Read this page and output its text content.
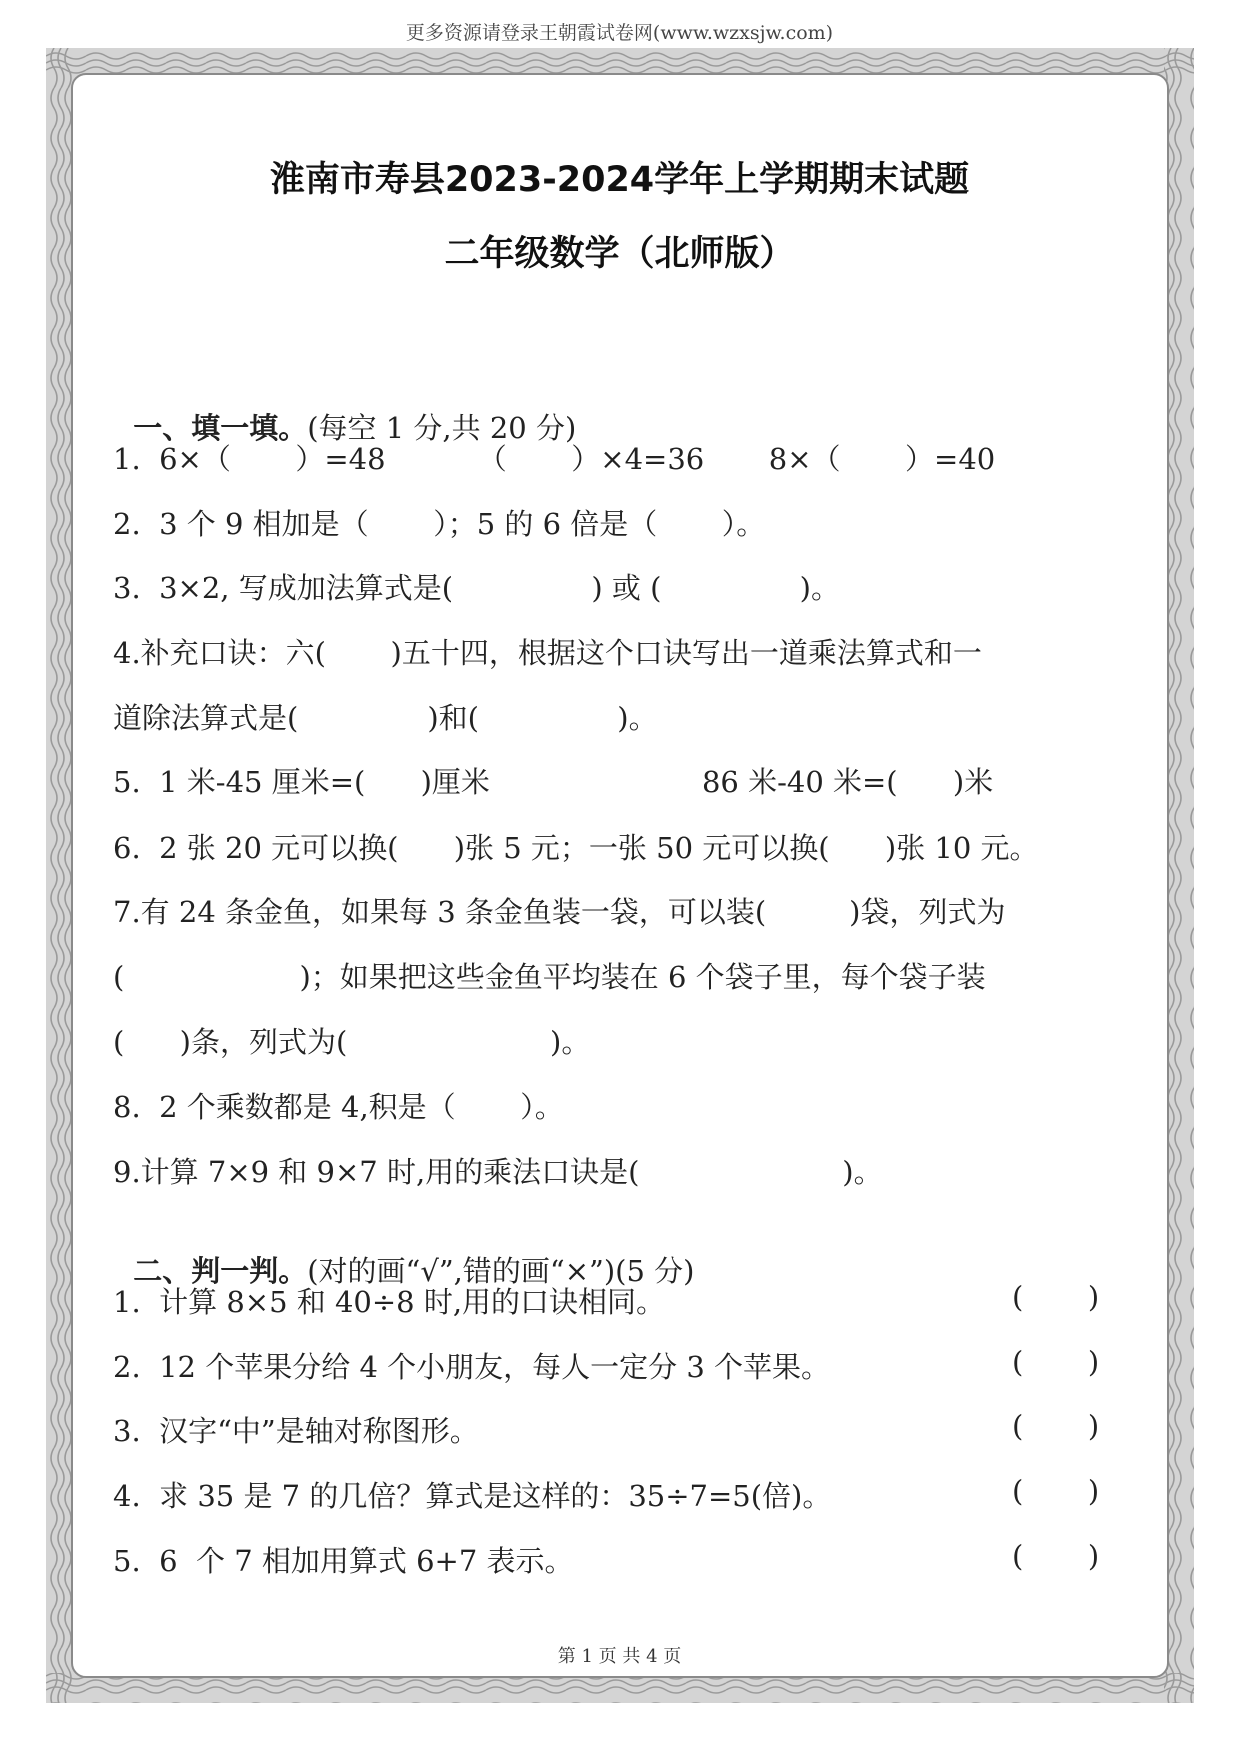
更多资源请登录王朝霞试卷网(www.wzxsjw.com)
淮南市寿县2023-2024学年上学期期末试题
二年级数学（北师版）

一、填一填。(每空 1 分,共 20 分)

1.  6×（       ）=48          （       ）×4=36       8×（       ）=40
2.  3 个 9 相加是（       ）；5 的 6 倍是（       ）。
3.  3×2, 写成加法算式是(               ) 或 (               )。
4.补充口诀：六(       )五十四，根据这个口诀写出一道乘法算式和一
道除法算式是(              )和(               )。
5.  1 米-45 厘米=(      )厘米                       86 米-40 米=(      )米
6.  2 张 20 元可以换(      )张 5 元；一张 50 元可以换(      )张 10 元。
7.有 24 条金鱼，如果每 3 条金鱼装一袋，可以装(         )袋，列式为
(                   )；如果把这些金鱼平均装在 6 个袋子里，每个袋子装
(      )条，列式为(                      )。
8.  2 个乘数都是 4,积是（       ）。
9.计算 7×9 和 9×7 时,用的乘法口诀是(                      )。

二、判一判。(对的画“√”,错的画“×”)(5 分)

1.  计算 8×5 和 40÷8 时,用的口诀相同。	(       )
2.  12 个苹果分给 4 个小朋友，每人一定分 3 个苹果。	(       )
3.  汉字“中”是轴对称图形。	(       )
4.  求 35 是 7 的几倍？算式是这样的：35÷7=5(倍)。	(       )
5.  6  个 7 相加用算式 6+7 表示。	(       )
第 1 页 共 4 页
